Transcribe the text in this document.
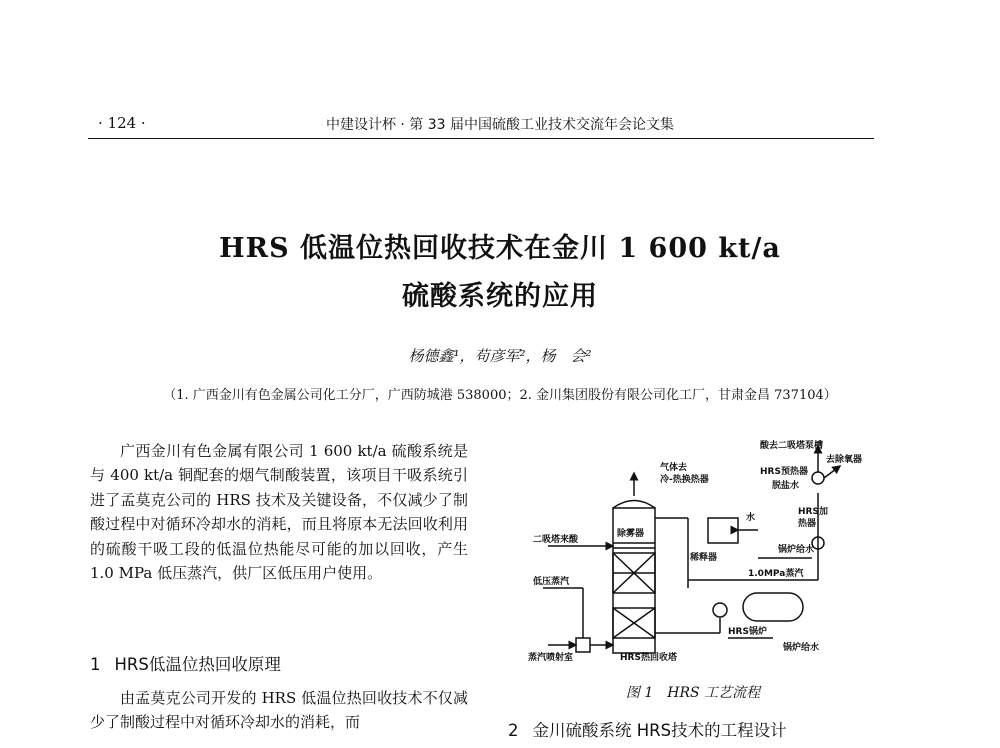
· 124 ·	中建设计杯 · 第 33 届中国硫酸工业技术交流年会论文集
HRS 低温位热回收技术在金川 1 600 kt/a
硫酸系统的应用
杨德鑫¹，苟彦军²，杨　会²
（1. 广西金川有色金属公司化工分厂，广西防城港 538000；2. 金川集团股份有限公司化工厂，甘肃金昌 737104）

广西金川有色金属有限公司 1 600 kt/a 硫酸系统是与 400 kt/a 铜配套的烟气制酸装置，该项目干吸系统引进了孟莫克公司的 HRS 技术及关键设备，不仅减少了制酸过程中对循环冷却水的消耗，而且将原本无法回收利用的硫酸干吸工段的低温位热能尽可能的加以回收，产生 1.0 MPa 低压蒸汽，供厂区低压用户使用。

1 HRS低温位热回收原理

由孟莫克公司开发的 HRS 低温位热回收技术不仅减少了制酸过程中对循环冷却水的消耗，而

酸去二吸塔泵槽
去除氧器
气体去
冷-热换热器
HRS预热器
脱盐水
水
HRS加
热器
除雾器
二吸塔来酸
稀释器
锅炉给水
低压蒸汽
1.0MPa蒸汽
HRS锅炉
锅炉给水
蒸汽喷射室	HRS热回收塔
图 1　HRS 工艺流程
2 金川硫酸系统 HRS技术的工程设计
